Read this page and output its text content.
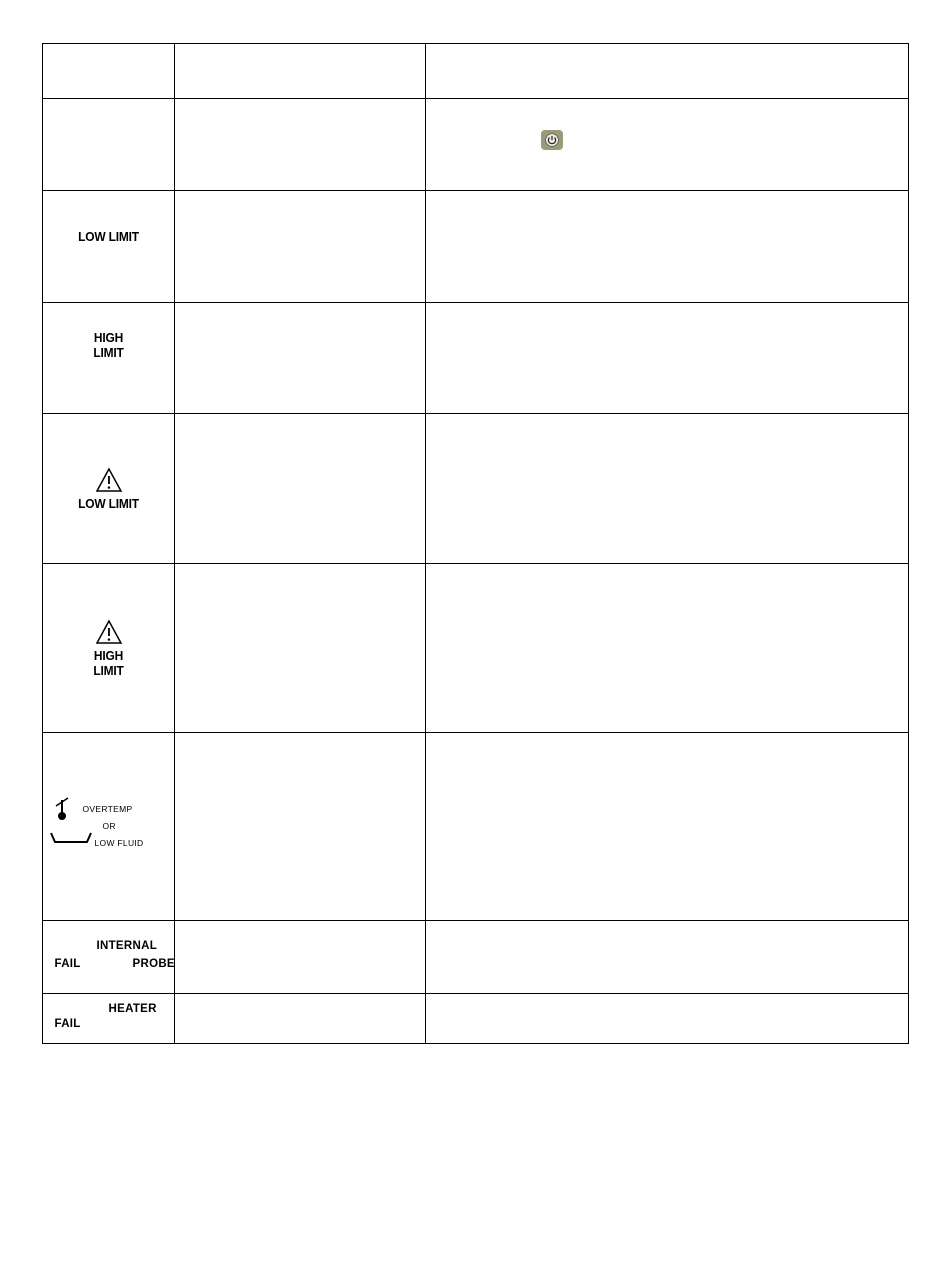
LOW LIMIT		

HIGH
LIMIT		

LOW LIMIT		

HIGH
LIMIT		

OVERTEMP
OR
LOW FLUID		

FAIL
INTERNAL
PROBE		

FAIL
HEATER		
